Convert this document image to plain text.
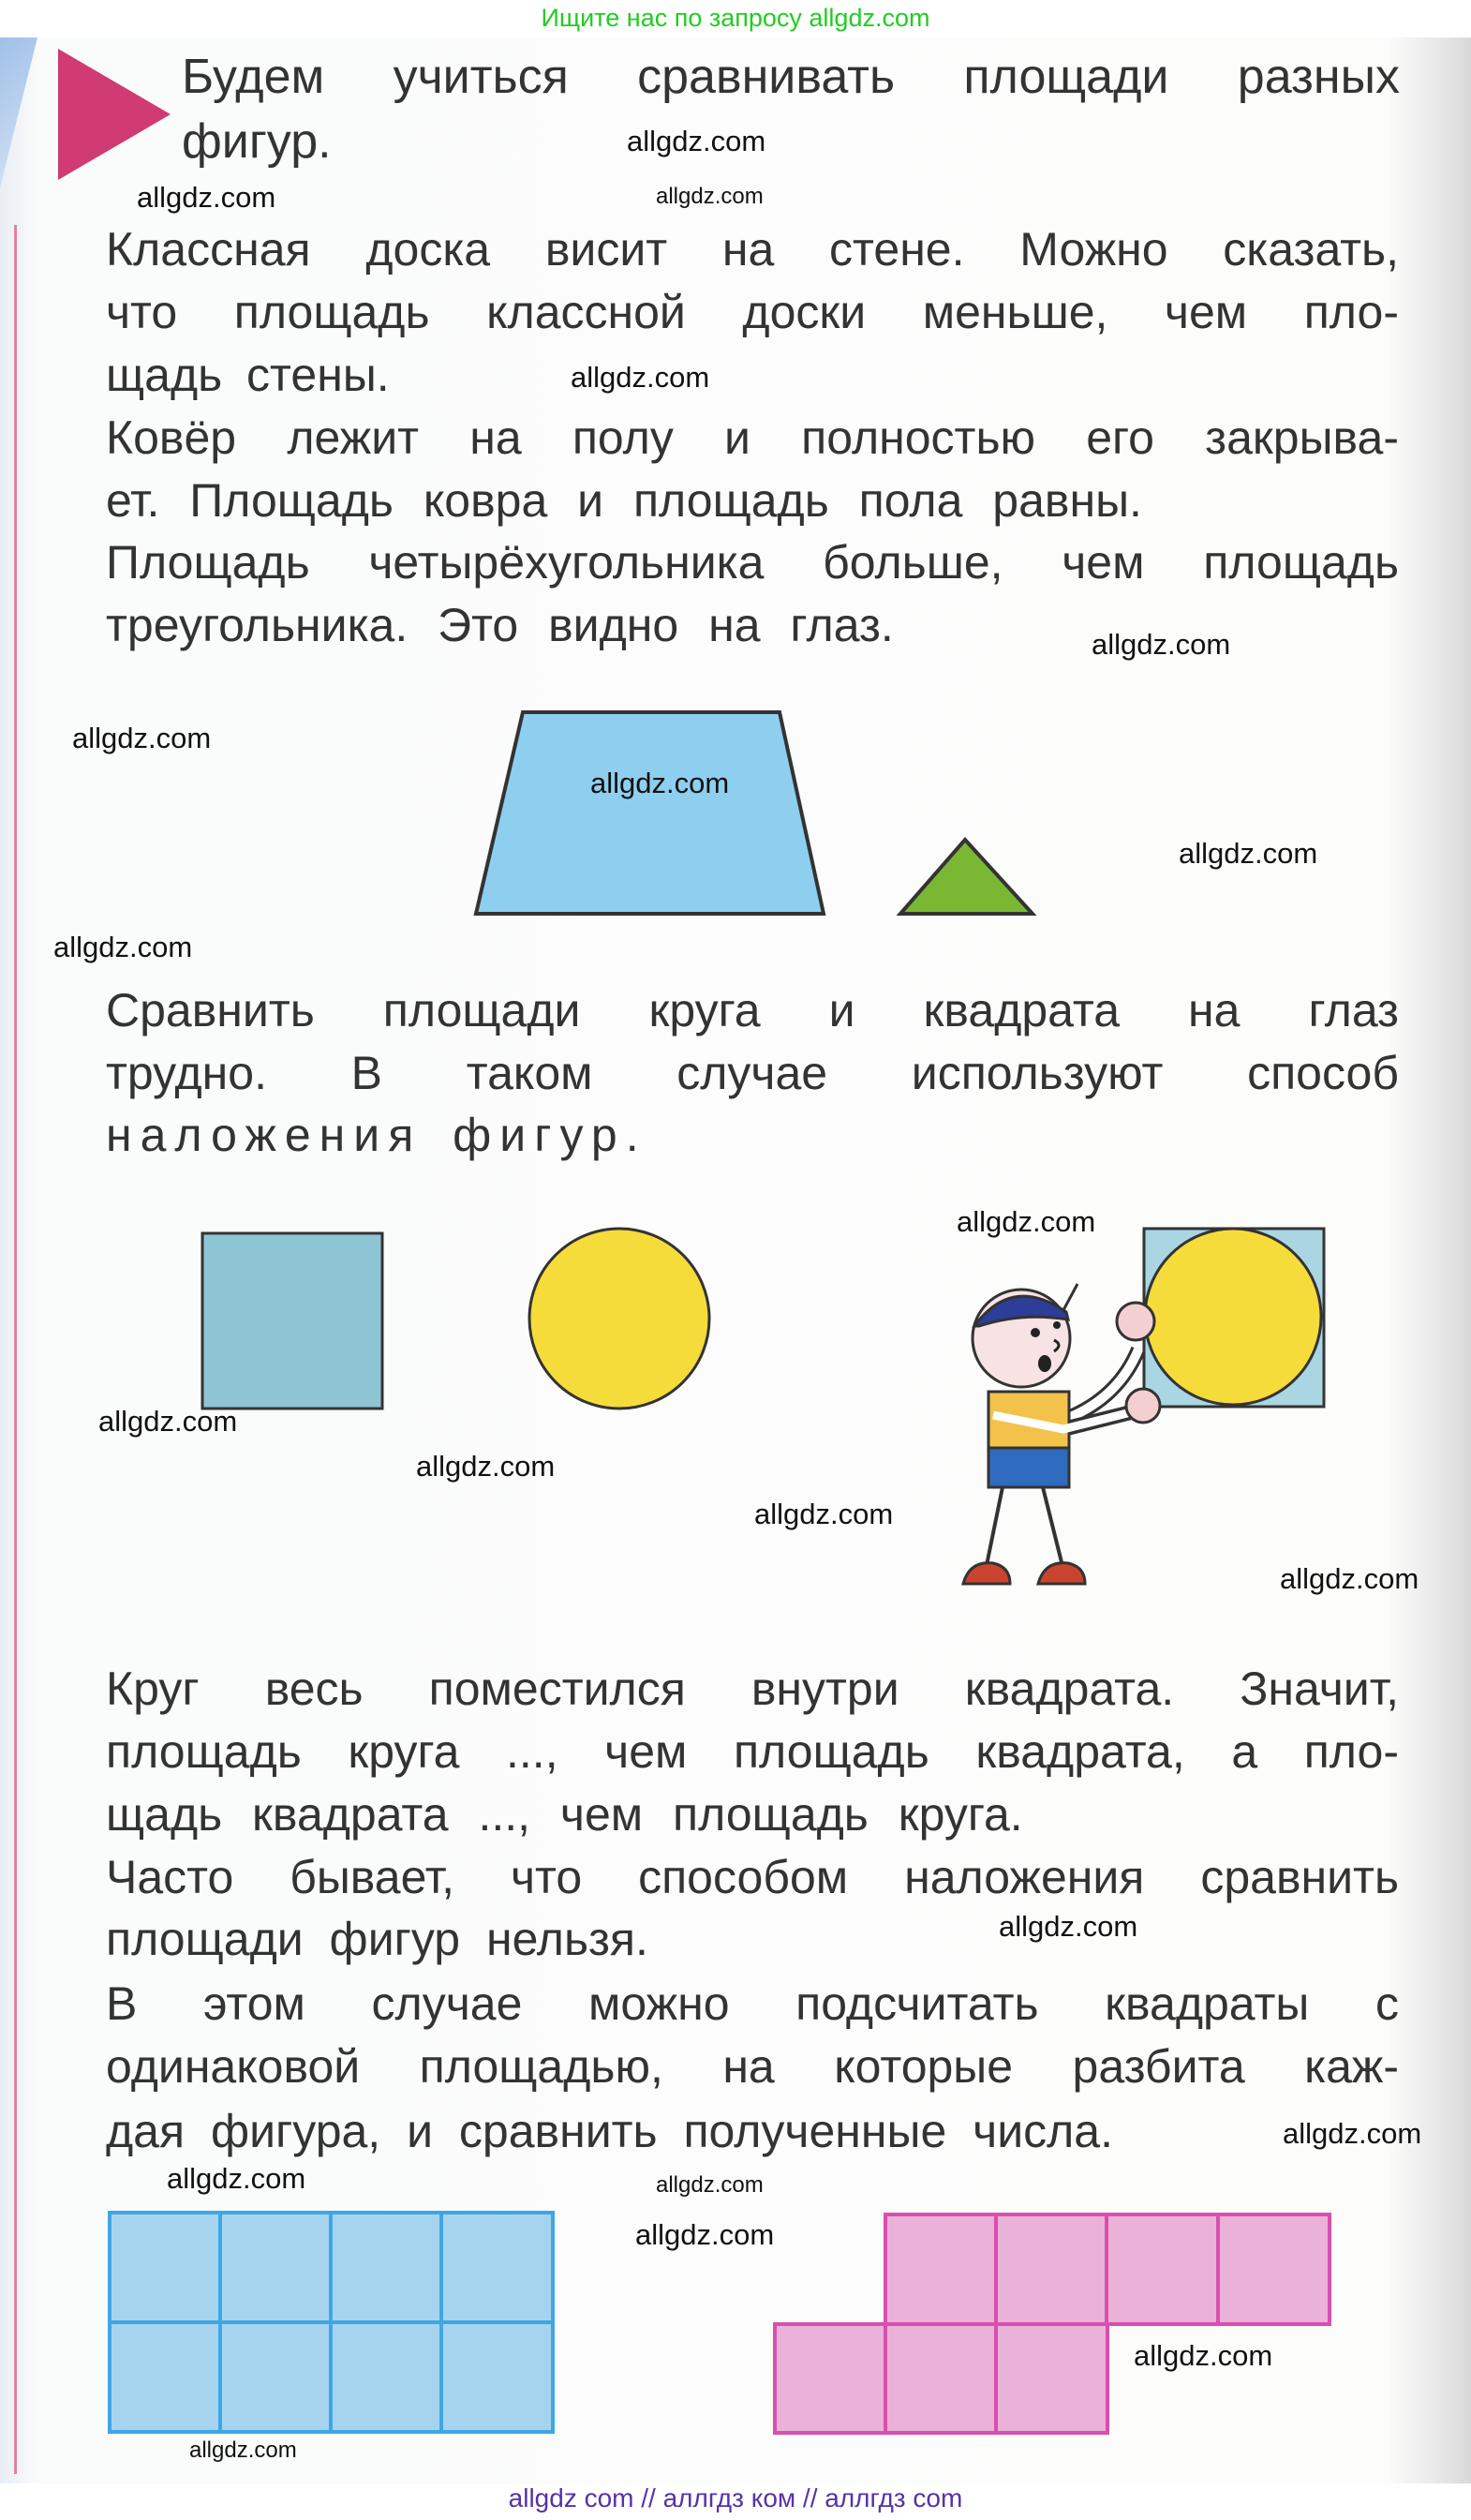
Ищите нас по запросу allgdz.com
Будем учиться сравнивать площади разных
фигур.
Классная доска висит на стене. Можно сказать,
что площадь классной доски меньше, чем пло-
щадь стены.
Ковёр лежит на полу и полностью его закрыва-
ет. Площадь ковра и площадь пола равны.
Площадь четырёхугольника больше, чем площадь
треугольника. Это видно на глаз.
Сравнить площади круга и квадрата на глаз
трудно. В таком случае используют способ
наложения фигур.
Круг весь поместился внутри квадрата. Значит,
площадь круга ..., чем площадь квадрата, а пло-
щадь квадрата ..., чем площадь круга.
Часто бывает, что способом наложения сравнить
площади фигур нельзя.
В этом случае можно подсчитать квадраты с
одинаковой площадью, на которые разбита каж-
дая фигура, и сравнить полученные числа.
allgdz.com
allgdz.com	allgdz.com
allgdz.com
allgdz.com
allgdz.com
allgdz.com
allgdz.com
allgdz.com
allgdz.com
allgdz.com
allgdz.com
allgdz.com
allgdz.com
allgdz.com
allgdz.com
allgdz.com
allgdz.com
allgdz.com
allgdz.com
allgdz.com
allgdz com // аллгдз ком // аллгдз com
